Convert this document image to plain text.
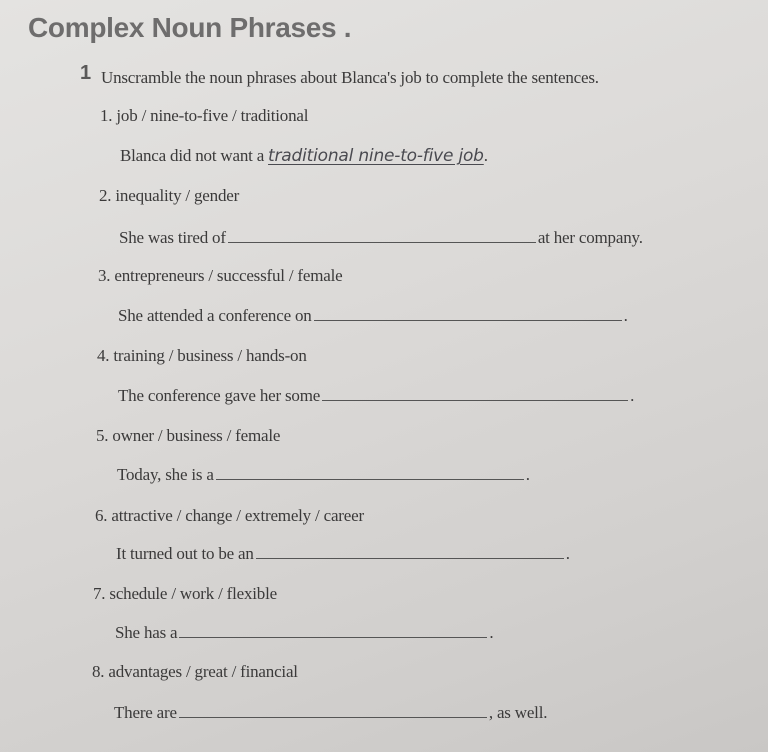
Complex Noun Phrases .
1 Unscramble the noun phrases about Blanca's job to complete the sentences.
1. job / nine-to-five / traditional
Blanca did not want a traditional nine-to-five job.
2. inequality / gender
She was tired of	at her company.
3. entrepreneurs / successful / female
She attended a conference on	.
4. training / business / hands-on
The conference gave her some	.
5. owner / business / female
Today, she is a	.
6. attractive / change / extremely / career
It turned out to be an	.
7. schedule / work / flexible
She has a	.
8. advantages / great / financial
There are	, as well.
